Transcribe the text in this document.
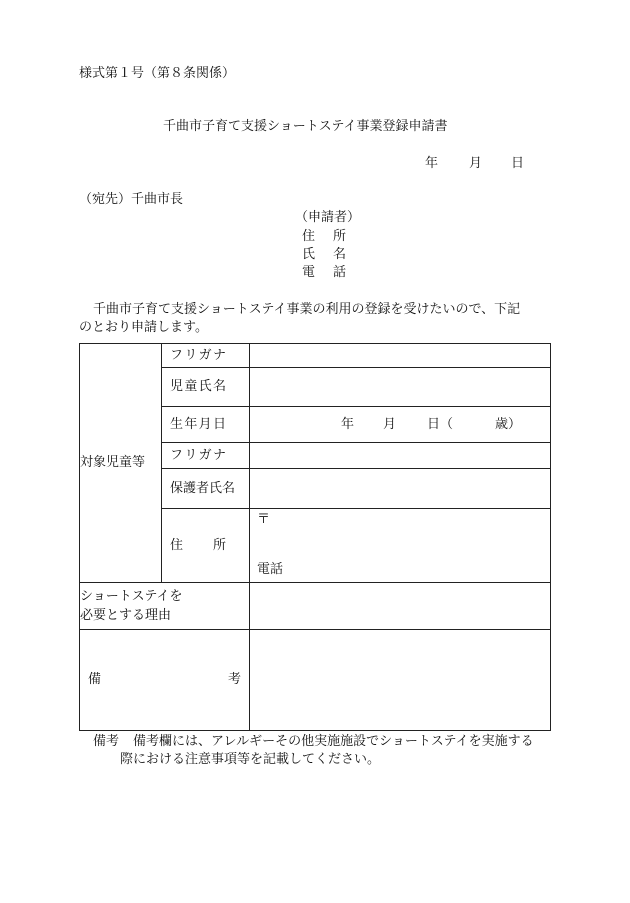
様式第１号（第８条関係）
千曲市子育て支援ショートステイ事業登録申請書
年 月 日
（宛先）千曲市長
（申請者）
住 所
氏 名
電 話
千曲市子育て支援ショートステイ事業の利用の登録を受けたいので、下記
のとおり申請します。
対象児童等	フ リ ガ ナ	

	児 童 氏 名	

	生 年 月 日	年 月 日（ 歳）

	フ リ ガ ナ	

	保護者氏名	

	住 所	〒
電話

ショートステイを
必要とする理由		

備 考		

備考 備考欄には、アレルギーその他実施施設でショートステイを実施する
際における注意事項等を記載してください。
